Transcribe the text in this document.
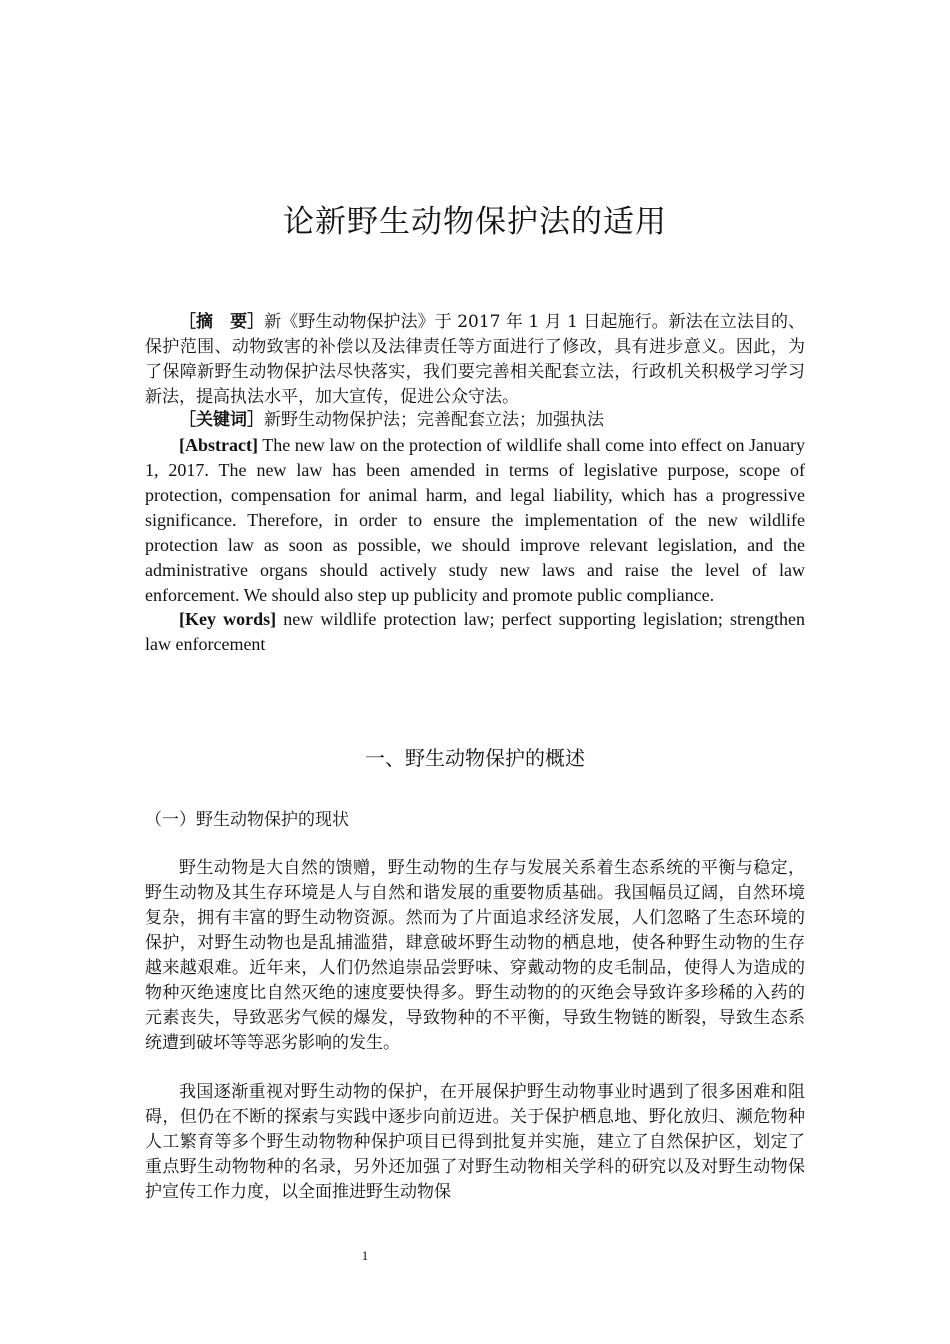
论新野生动物保护法的适用
［摘　要］新《野生动物保护法》于 2017 年 1 月 1 日起施行。新法在立法目的、保护范围、动物致害的补偿以及法律责任等方面进行了修改，具有进步意义。因此，为了保障新野生动物保护法尽快落实，我们要完善相关配套立法，行政机关积极学习学习新法，提高执法水平，加大宣传，促进公众守法。
［关键词］新野生动物保护法；完善配套立法；加强执法
[Abstract] The new law on the protection of wildlife shall come into effect on January 1, 2017. The new law has been amended in terms of legislative purpose, scope of protection, compensation for animal harm, and legal liability, which has a progressive significance. Therefore, in order to ensure the implementation of the new wildlife protection law as soon as possible, we should improve relevant legislation, and the administrative organs should actively study new laws and raise the level of law enforcement. We should also step up publicity and promote public compliance.
[Key words] new wildlife protection law; perfect supporting legislation; strengthen law enforcement
一、野生动物保护的概述
（一）野生动物保护的现状

野生动物是大自然的馈赠，野生动物的生存与发展关系着生态系统的平衡与稳定，野生动物及其生存环境是人与自然和谐发展的重要物质基础。我国幅员辽阔，自然环境复杂，拥有丰富的野生动物资源。然而为了片面追求经济发展，人们忽略了生态环境的保护，对野生动物也是乱捕滥猎，肆意破坏野生动物的栖息地，使各种野生动物的生存越来越艰难。近年来，人们仍然追崇品尝野味、穿戴动物的皮毛制品，使得人为造成的物种灭绝速度比自然灭绝的速度要快得多。野生动物的的灭绝会导致许多珍稀的入药的元素丧失，导致恶劣气候的爆发，导致物种的不平衡，导致生物链的断裂，导致生态系统遭到破坏等等恶劣影响的发生。

我国逐渐重视对野生动物的保护，在开展保护野生动物事业时遇到了很多困难和阻碍，但仍在不断的探索与实践中逐步向前迈进。关于保护栖息地、野化放归、濒危物种人工繁育等多个野生动物物种保护项目已得到批复并实施，建立了自然保护区，划定了重点野生动物物种的名录，另外还加强了对野生动物相关学科的研究以及对野生动物保护宣传工作力度，以全面推进野生动物保

1
